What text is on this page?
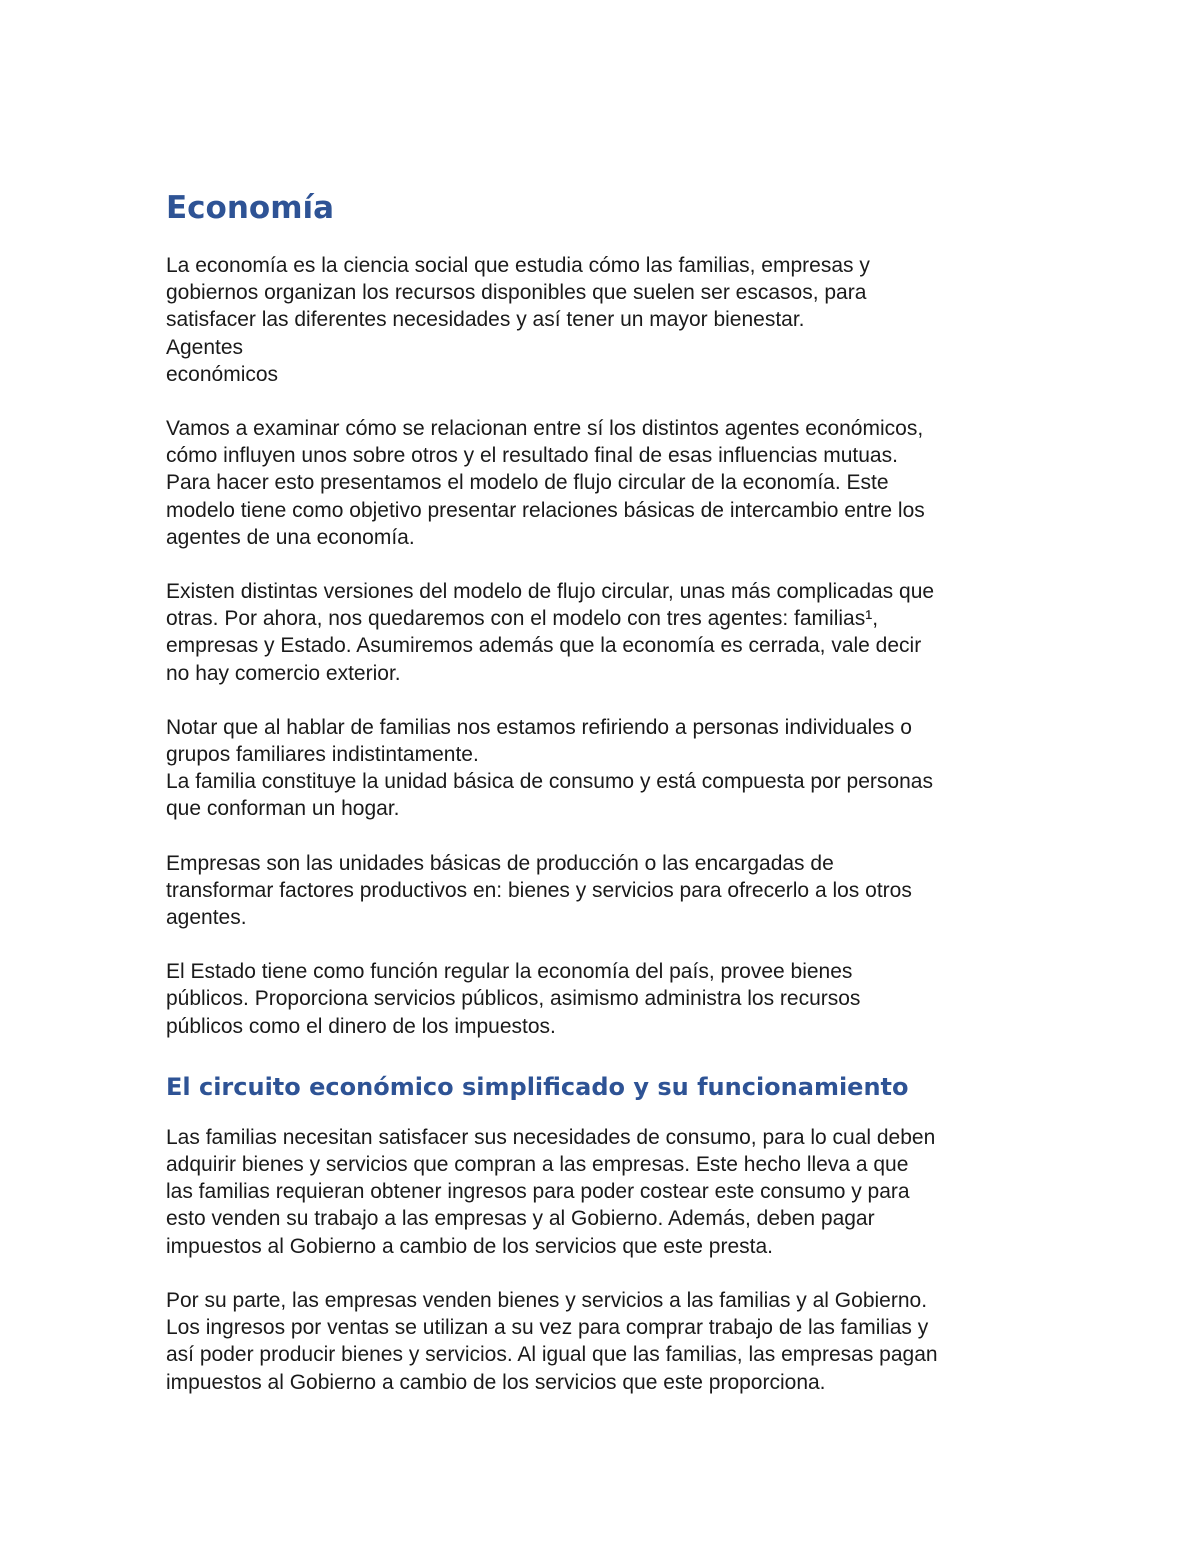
Economía
La economía es la ciencia social que estudia cómo las familias, empresas y
gobiernos organizan los recursos disponibles que suelen ser escasos, para
satisfacer las diferentes necesidades y así tener un mayor bienestar.
Agentes
económicos
Vamos a examinar cómo se relacionan entre sí los distintos agentes económicos,
cómo influyen unos sobre otros y el resultado final de esas influencias mutuas.
Para hacer esto presentamos el modelo de flujo circular de la economía. Este
modelo tiene como objetivo presentar relaciones básicas de intercambio entre los
agentes de una economía.
Existen distintas versiones del modelo de flujo circular, unas más complicadas que
otras. Por ahora, nos quedaremos con el modelo con tres agentes: familias¹,
empresas y Estado. Asumiremos además que la economía es cerrada, vale decir
no hay comercio exterior.
Notar que al hablar de familias nos estamos refiriendo a personas individuales o
grupos familiares indistintamente.
La familia constituye la unidad básica de consumo y está compuesta por personas
que conforman un hogar.
Empresas son las unidades básicas de producción o las encargadas de
transformar factores productivos en: bienes y servicios para ofrecerlo a los otros
agentes.
El Estado tiene como función regular la economía del país, provee bienes
públicos. Proporciona servicios públicos, asimismo administra los recursos
públicos como el dinero de los impuestos.
El circuito económico simplificado y su funcionamiento
Las familias necesitan satisfacer sus necesidades de consumo, para lo cual deben
adquirir bienes y servicios que compran a las empresas. Este hecho lleva a que
las familias requieran obtener ingresos para poder costear este consumo y para
esto venden su trabajo a las empresas y al Gobierno. Además, deben pagar
impuestos al Gobierno a cambio de los servicios que este presta.
Por su parte, las empresas venden bienes y servicios a las familias y al Gobierno.
Los ingresos por ventas se utilizan a su vez para comprar trabajo de las familias y
así poder producir bienes y servicios. Al igual que las familias, las empresas pagan
impuestos al Gobierno a cambio de los servicios que este proporciona.
